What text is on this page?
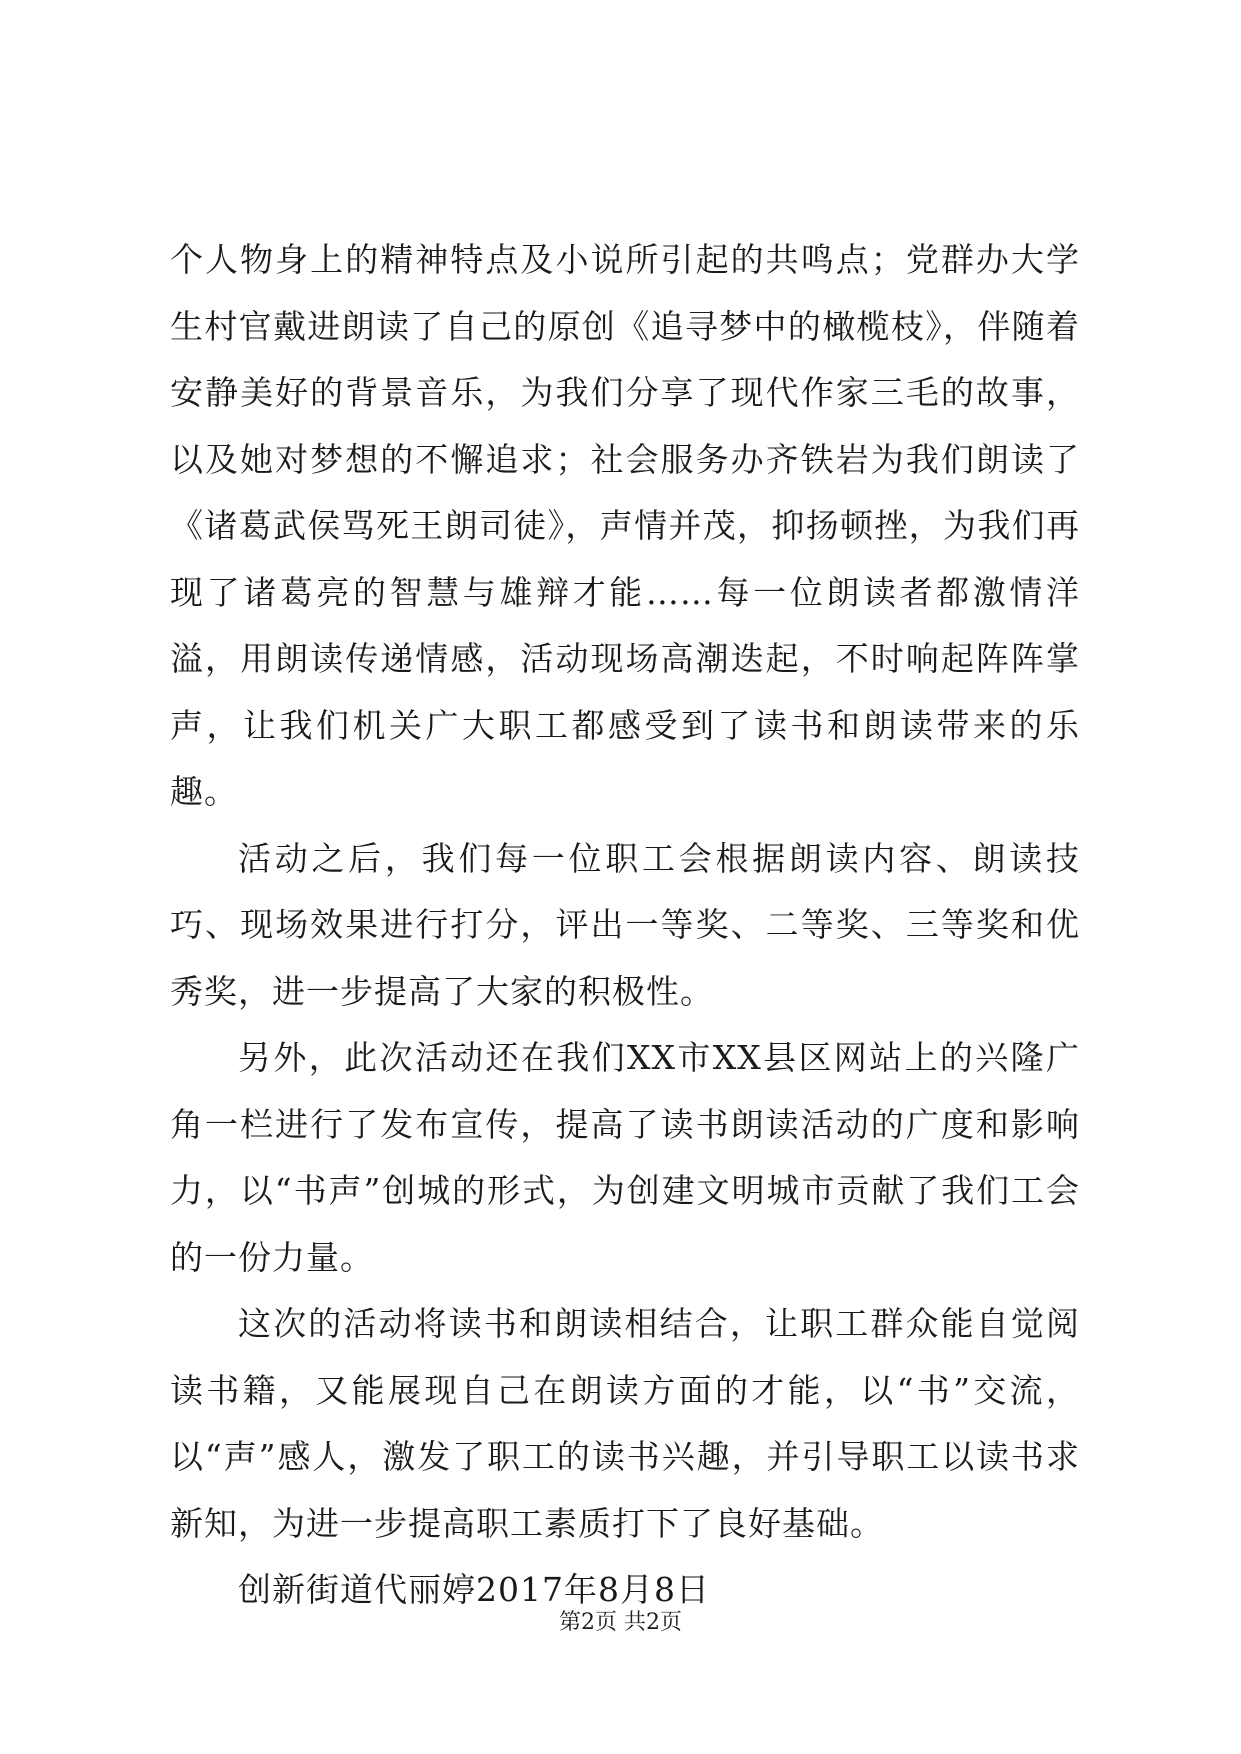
个人物身上的精神特点及小说所引起的共鸣点；党群办大学生村官戴进朗读了自己的原创《追寻梦中的橄榄枝》，伴随着安静美好的背景音乐，为我们分享了现代作家三毛的故事，以及她对梦想的不懈追求；社会服务办齐铁岩为我们朗读了《诸葛武侯骂死王朗司徒》，声情并茂，抑扬顿挫，为我们再现了诸葛亮的智慧与雄辩才能……每一位朗读者都激情洋溢，用朗读传递情感，活动现场高潮迭起，不时响起阵阵掌声，让我们机关广大职工都感受到了读书和朗读带来的乐趣。

活动之后，我们每一位职工会根据朗读内容、朗读技巧、现场效果进行打分，评出一等奖、二等奖、三等奖和优秀奖，进一步提高了大家的积极性。

另外，此次活动还在我们XX市XX县区网站上的兴隆广角一栏进行了发布宣传，提高了读书朗读活动的广度和影响力，以“书声”创城的形式，为创建文明城市贡献了我们工会的一份力量。

这次的活动将读书和朗读相结合，让职工群众能自觉阅读书籍，又能展现自己在朗读方面的才能，以“书”交流，以“声”感人，激发了职工的读书兴趣，并引导职工以读书求新知，为进一步提高职工素质打下了良好基础。

创新街道代丽婷2017年8月8日

第2页 共2页
